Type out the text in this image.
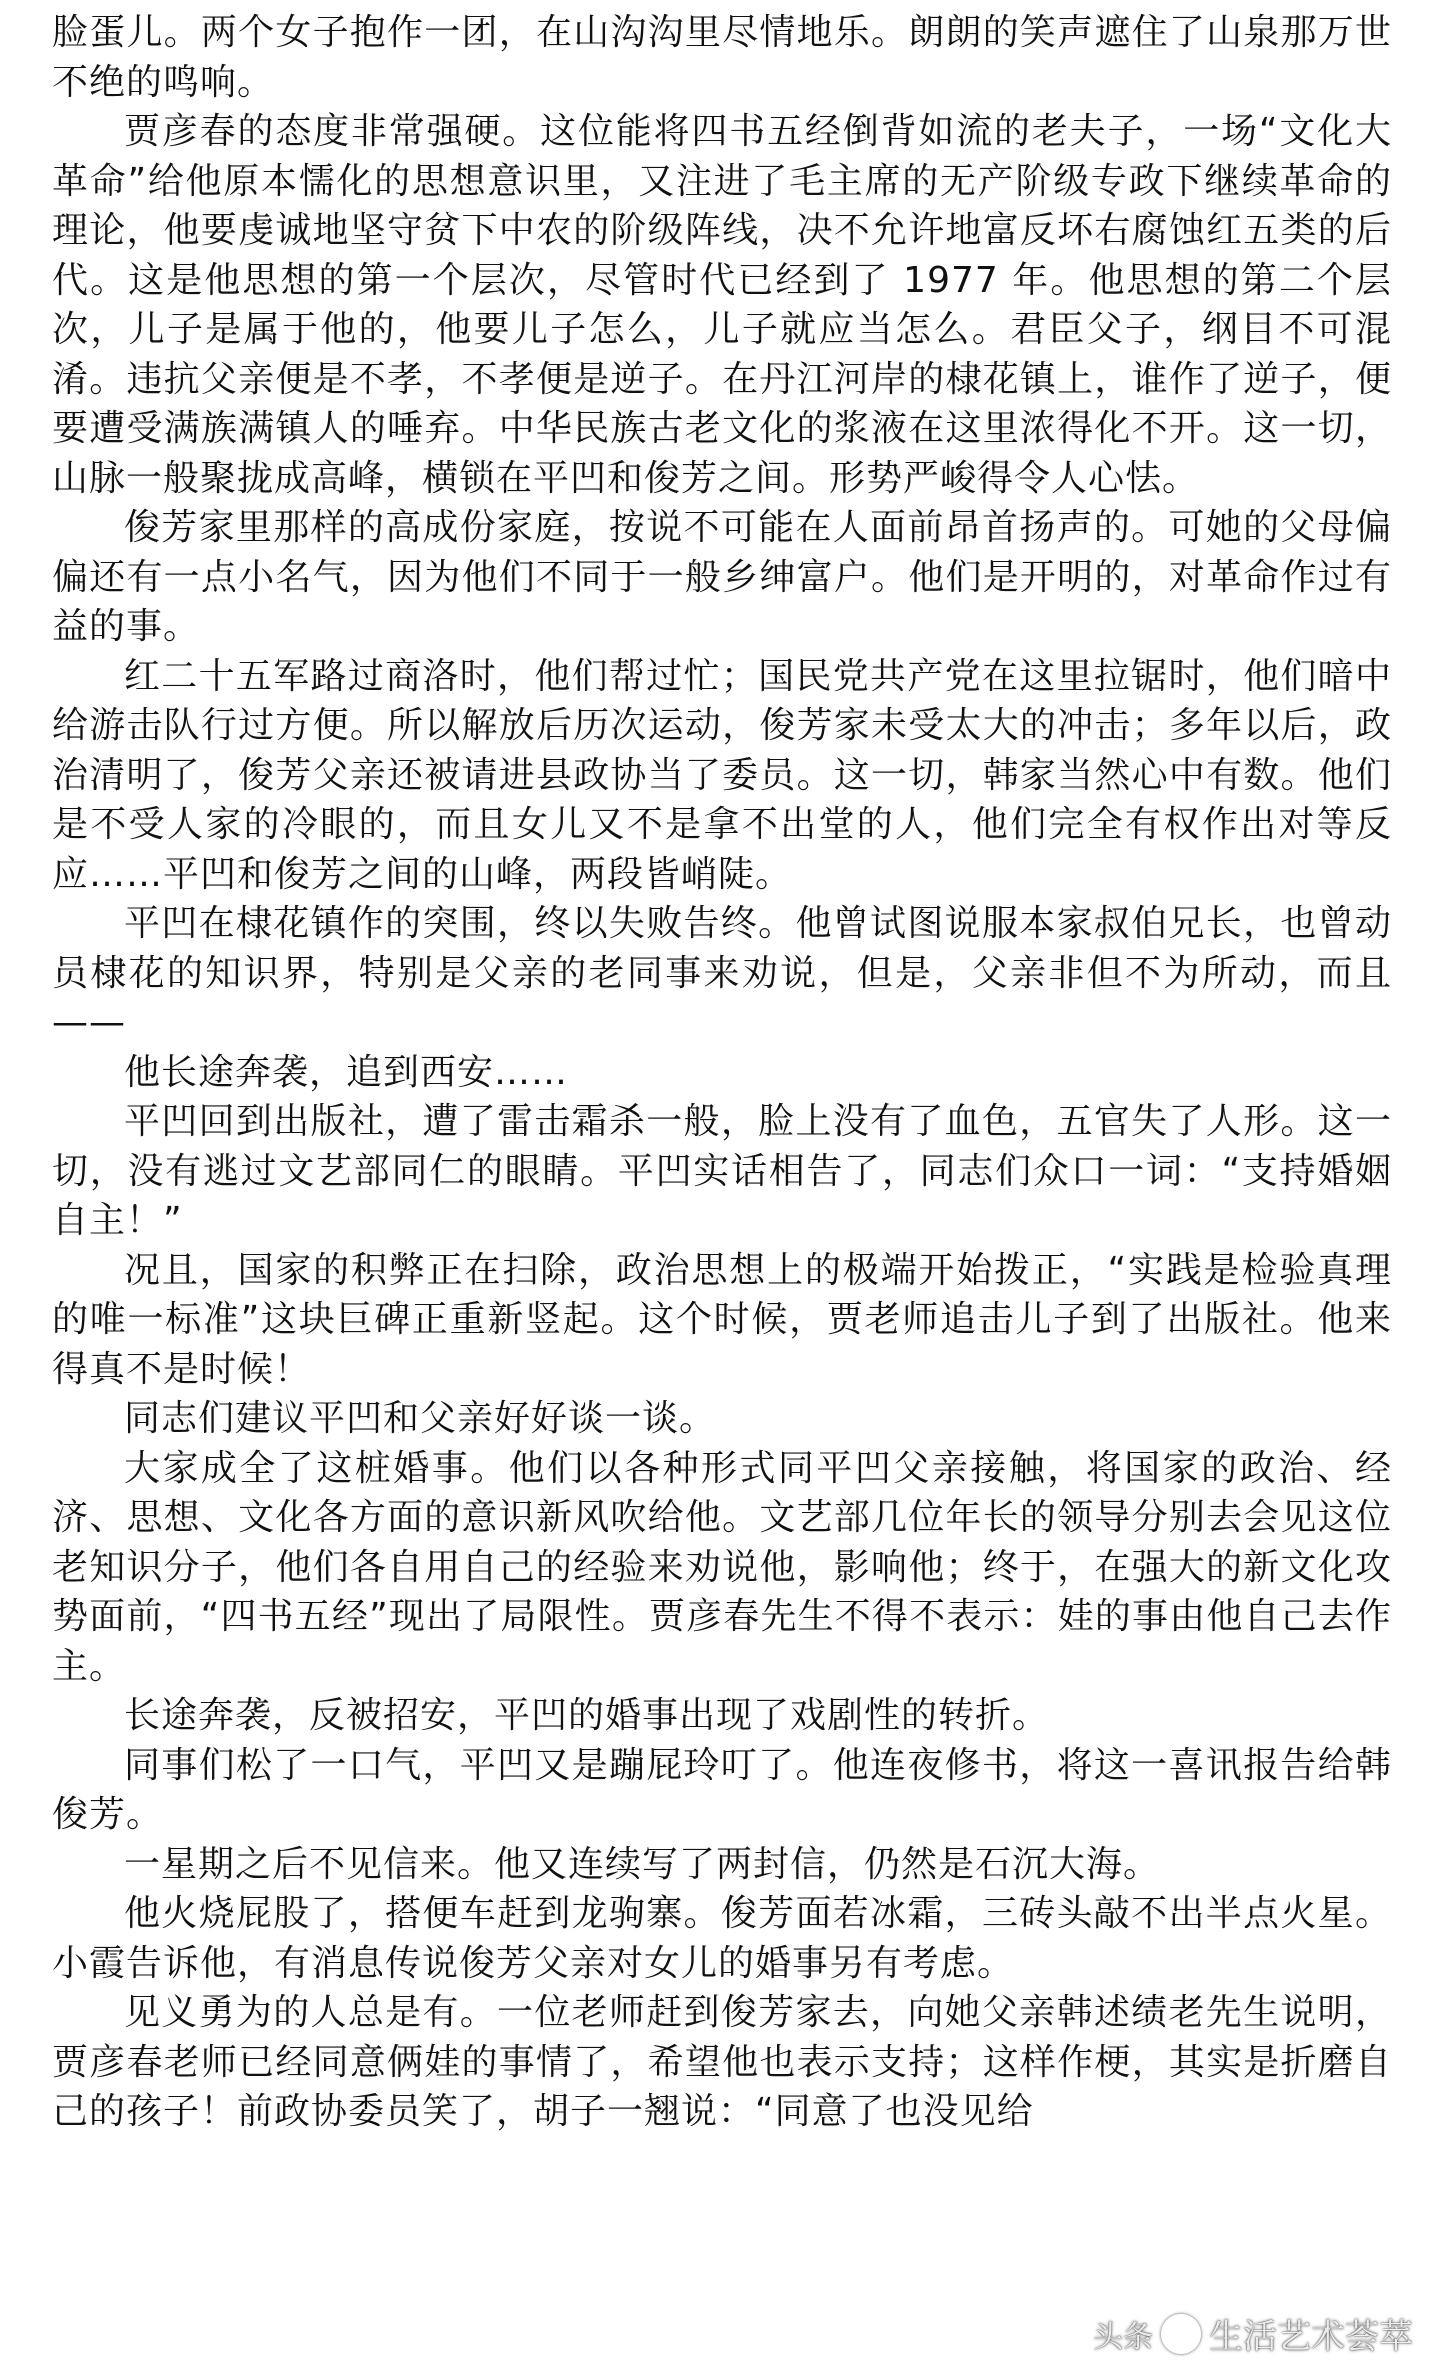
脸蛋儿。两个女子抱作一团，在山沟沟里尽情地乐。朗朗的笑声遮住了山泉那万世不绝的鸣响。

贾彦春的态度非常强硬。这位能将四书五经倒背如流的老夫子，一场“文化大革命”给他原本懦化的思想意识里，又注进了毛主席的无产阶级专政下继续革命的理论，他要虔诚地坚守贫下中农的阶级阵线，决不允许地富反坏右腐蚀红五类的后代。这是他思想的第一个层次，尽管时代已经到了 1977 年。他思想的第二个层次，儿子是属于他的，他要儿子怎么，儿子就应当怎么。君臣父子，纲目不可混淆。违抗父亲便是不孝，不孝便是逆子。在丹江河岸的棣花镇上，谁作了逆子，便要遭受满族满镇人的唾弃。中华民族古老文化的浆液在这里浓得化不开。这一切，山脉一般聚拢成高峰，横锁在平凹和俊芳之间。形势严峻得令人心怯。

俊芳家里那样的高成份家庭，按说不可能在人面前昂首扬声的。可她的父母偏偏还有一点小名气，因为他们不同于一般乡绅富户。他们是开明的，对革命作过有益的事。

红二十五军路过商洛时，他们帮过忙；国民党共产党在这里拉锯时，他们暗中给游击队行过方便。所以解放后历次运动，俊芳家未受太大的冲击；多年以后，政治清明了，俊芳父亲还被请进县政协当了委员。这一切，韩家当然心中有数。他们是不受人家的冷眼的，而且女儿又不是拿不出堂的人，他们完全有权作出对等反应……平凹和俊芳之间的山峰，两段皆峭陡。

平凹在棣花镇作的突围，终以失败告终。他曾试图说服本家叔伯兄长，也曾动员棣花的知识界，特别是父亲的老同事来劝说，但是，父亲非但不为所动，而且——

他长途奔袭，追到西安……

平凹回到出版社，遭了雷击霜杀一般，脸上没有了血色，五官失了人形。这一切，没有逃过文艺部同仁的眼睛。平凹实话相告了，同志们众口一词：“支持婚姻自主！”

况且，国家的积弊正在扫除，政治思想上的极端开始拨正，“实践是检验真理的唯一标准”这块巨碑正重新竖起。这个时候，贾老师追击儿子到了出版社。他来得真不是时候！

同志们建议平凹和父亲好好谈一谈。

大家成全了这桩婚事。他们以各种形式同平凹父亲接触，将国家的政治、经济、思想、文化各方面的意识新风吹给他。文艺部几位年长的领导分别去会见这位老知识分子，他们各自用自己的经验来劝说他，影响他；终于，在强大的新文化攻势面前，“四书五经”现出了局限性。贾彦春先生不得不表示：娃的事由他自己去作主。

长途奔袭，反被招安，平凹的婚事出现了戏剧性的转折。

同事们松了一口气，平凹又是蹦屁玲叮了。他连夜修书，将这一喜讯报告给韩俊芳。

一星期之后不见信来。他又连续写了两封信，仍然是石沉大海。

他火烧屁股了，搭便车赶到龙驹寨。俊芳面若冰霜，三砖头敲不出半点火星。小霞告诉他，有消息传说俊芳父亲对女儿的婚事另有考虑。

见义勇为的人总是有。一位老师赶到俊芳家去，向她父亲韩述绩老先生说明，贾彦春老师已经同意俩娃的事情了，希望他也表示支持；这样作梗，其实是折磨自己的孩子！前政协委员笑了，胡子一翘说：“同意了也没见给

头条 @ 生活艺术荟萃
